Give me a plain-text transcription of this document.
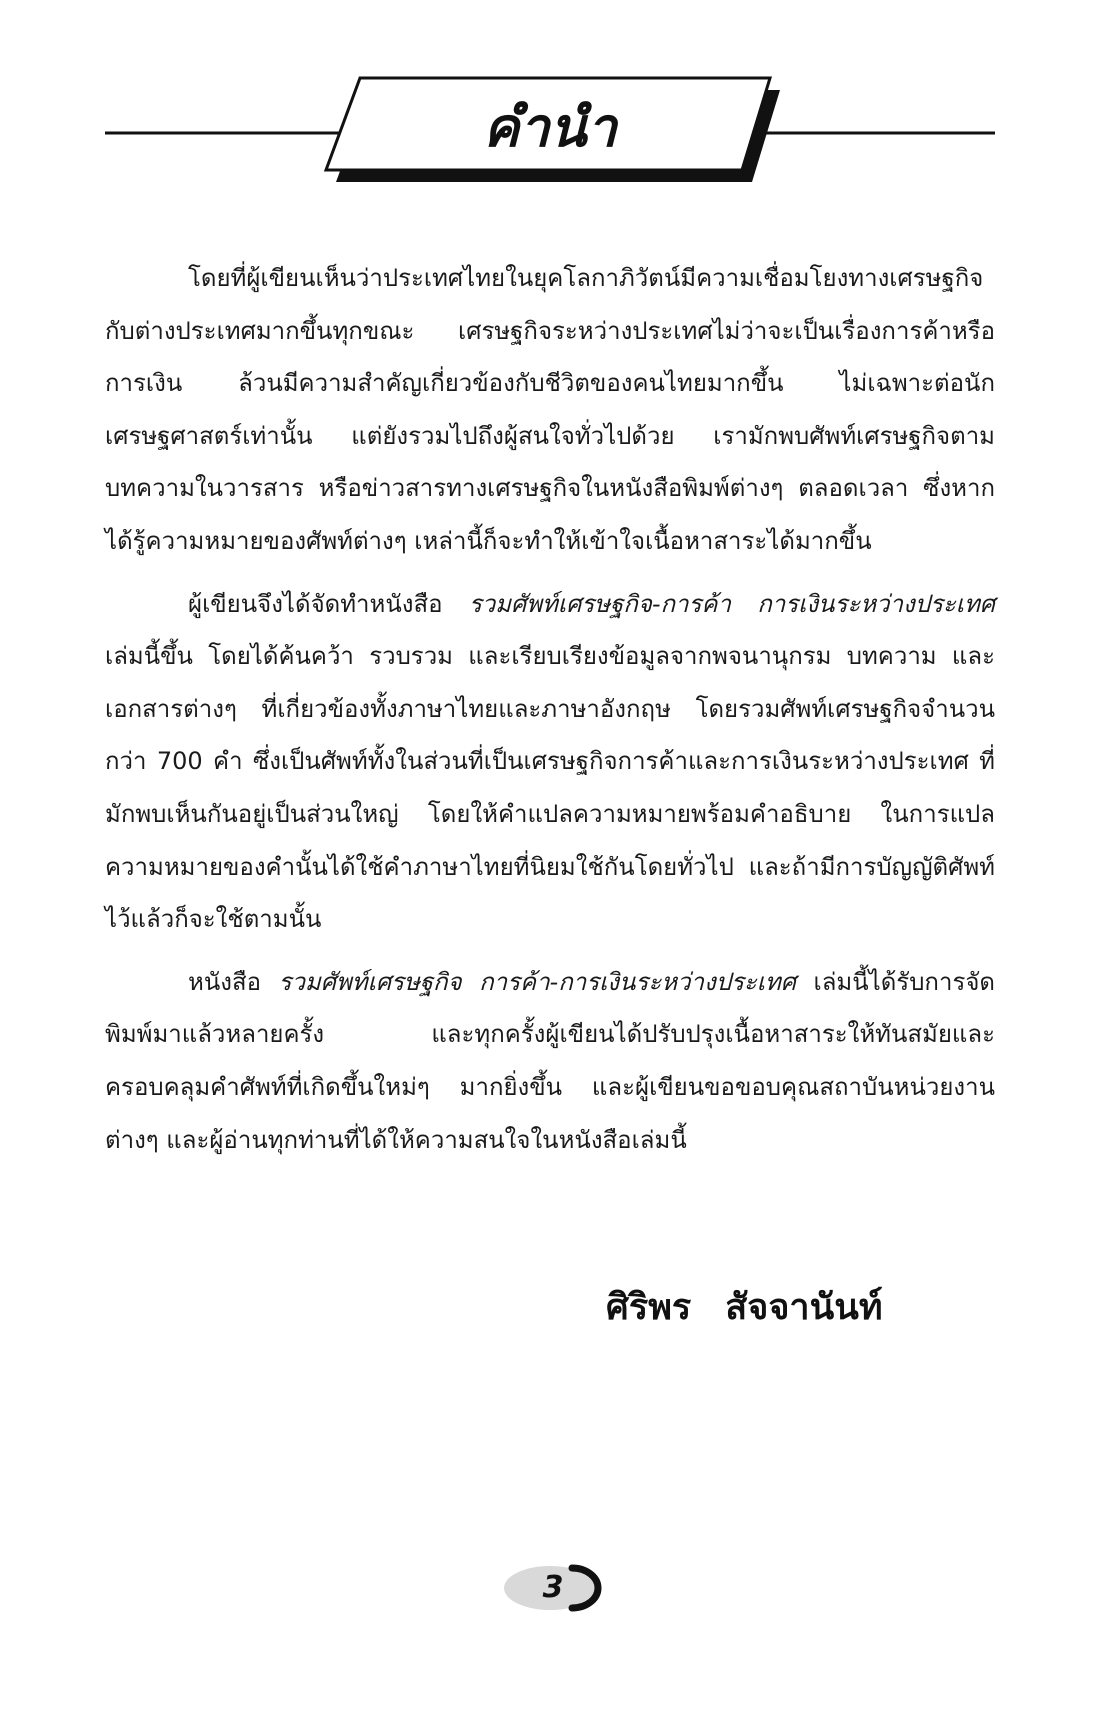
คำนำ

โดยที่ผู้เขียนเห็นว่าประเทศไทยในยุคโลกาภิวัตน์มีความเชื่อมโยงทางเศรษฐกิจกับต่างประเทศมากขึ้นทุกขณะ เศรษฐกิจระหว่างประเทศไม่ว่าจะเป็นเรื่องการค้าหรือการเงิน ล้วนมีความสำคัญเกี่ยวข้องกับชีวิตของคนไทยมากขึ้น ไม่เฉพาะต่อนักเศรษฐศาสตร์เท่านั้น แต่ยังรวมไปถึงผู้สนใจทั่วไปด้วย เรามักพบศัพท์เศรษฐกิจตามบทความในวารสาร หรือข่าวสารทางเศรษฐกิจในหนังสือพิมพ์ต่างๆ ตลอดเวลา ซึ่งหากได้รู้ความหมายของศัพท์ต่างๆ เหล่านี้ก็จะทำให้เข้าใจเนื้อหาสาระได้มากขึ้น

ผู้เขียนจึงได้จัดทำหนังสือ รวมศัพท์เศรษฐกิจ-การค้า การเงินระหว่างประเทศ เล่มนี้ขึ้น โดยได้ค้นคว้า รวบรวม และเรียบเรียงข้อมูลจากพจนานุกรม บทความ และเอกสารต่างๆ ที่เกี่ยวข้องทั้งภาษาไทยและภาษาอังกฤษ โดยรวมศัพท์เศรษฐกิจจำนวนกว่า 700 คำ ซึ่งเป็นศัพท์ทั้งในส่วนที่เป็นเศรษฐกิจการค้าและการเงินระหว่างประเทศ ที่มักพบเห็นกันอยู่เป็นส่วนใหญ่ โดยให้คำแปลความหมายพร้อมคำอธิบาย ในการแปลความหมายของคำนั้นได้ใช้คำภาษาไทยที่นิยมใช้กันโดยทั่วไป และถ้ามีการบัญญัติศัพท์ไว้แล้วก็จะใช้ตามนั้น

หนังสือ รวมศัพท์เศรษฐกิจ การค้า-การเงินระหว่างประเทศ เล่มนี้ได้รับการจัดพิมพ์มาแล้วหลายครั้ง และทุกครั้งผู้เขียนได้ปรับปรุงเนื้อหาสาระให้ทันสมัยและครอบคลุมคำศัพท์ที่เกิดขึ้นใหม่ๆ มากยิ่งขึ้น และผู้เขียนขอขอบคุณสถาบันหน่วยงานต่างๆ และผู้อ่านทุกท่านที่ได้ให้ความสนใจในหนังสือเล่มนี้

ศิริพร สัจจานันท์
3
